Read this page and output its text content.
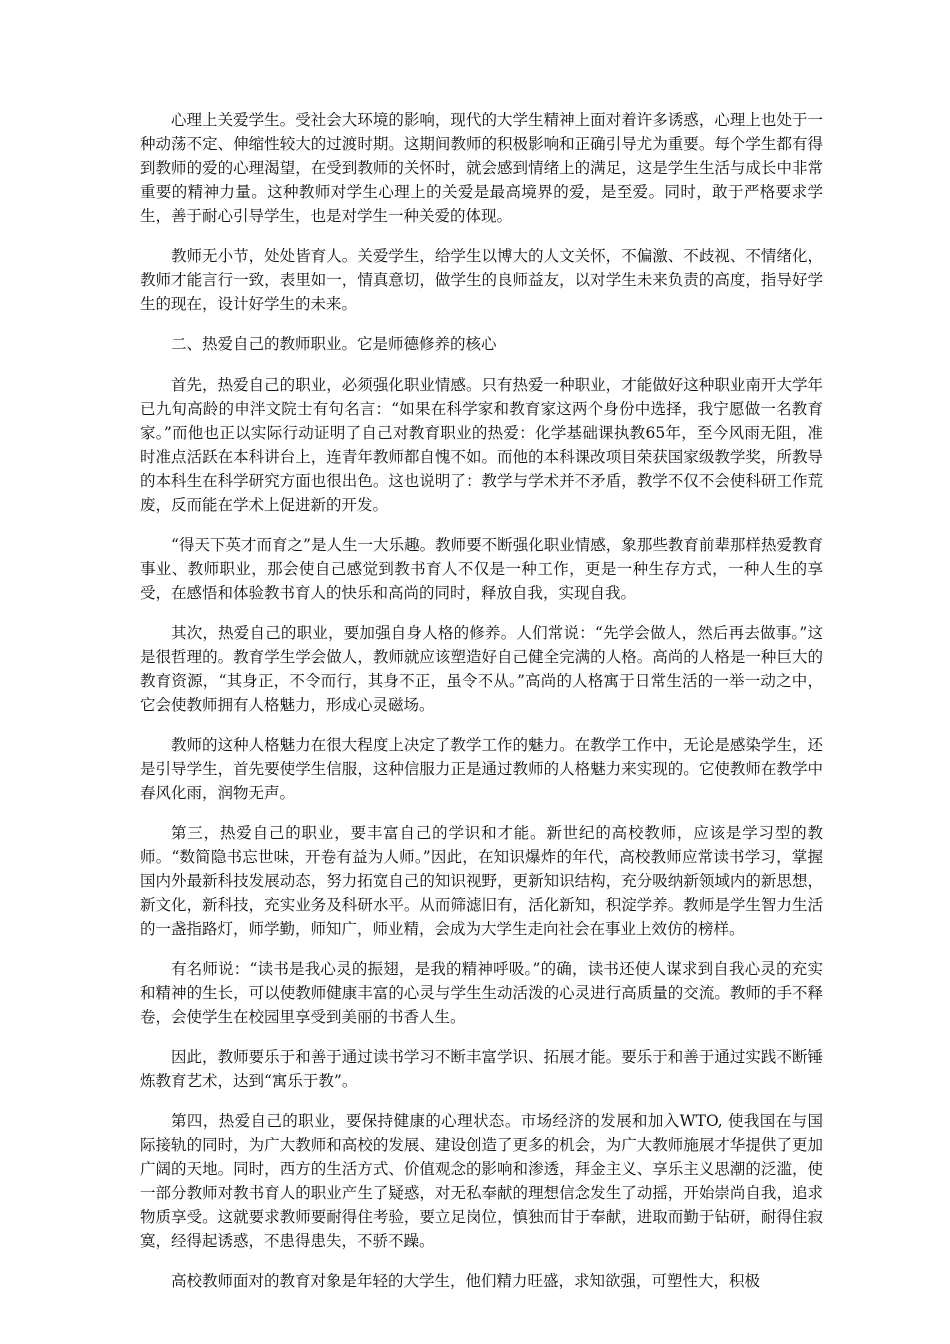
心理上关爱学生。受社会大环境的影响，现代的大学生精神上面对着许多诱惑，心理上也处于一种动荡不定、伸缩性较大的过渡时期。这期间教师的积极影响和正确引导尤为重要。每个学生都有得到教师的爱的心理渴望，在受到教师的关怀时，就会感到情绪上的满足，这是学生生活与成长中非常重要的精神力量。这种教师对学生心理上的关爱是最高境界的爱，是至爱。同时，敢于严格要求学生，善于耐心引导学生，也是对学生一种关爱的体现。

教师无小节，处处皆育人。关爱学生，给学生以博大的人文关怀，不偏激、不歧视、不情绪化，教师才能言行一致，表里如一，情真意切，做学生的良师益友，以对学生未来负责的高度，指导好学生的现在，设计好学生的未来。

二、热爱自己的教师职业。它是师德修养的核心

首先，热爱自己的职业，必须强化职业情感。只有热爱一种职业，才能做好这种职业南开大学年已九旬高龄的申泮文院士有句名言：“如果在科学家和教育家这两个身份中选择，我宁愿做一名教育家。”而他也正以实际行动证明了自己对教育职业的热爱：化学基础课执教65年，至今风雨无阻，准时准点活跃在本科讲台上，连青年教师都自愧不如。而他的本科课改项目荣获国家级教学奖，所教导的本科生在科学研究方面也很出色。这也说明了：教学与学术并不矛盾，教学不仅不会使科研工作荒废，反而能在学术上促进新的开发。

“得天下英才而育之”是人生一大乐趣。教师要不断强化职业情感，象那些教育前辈那样热爱教育事业、教师职业，那会使自己感觉到教书育人不仅是一种工作，更是一种生存方式，一种人生的享受，在感悟和体验教书育人的快乐和高尚的同时，释放自我，实现自我。

其次，热爱自己的职业，要加强自身人格的修养。人们常说：“先学会做人，然后再去做事。”这是很哲理的。教育学生学会做人，教师就应该塑造好自己健全完满的人格。高尚的人格是一种巨大的教育资源，“其身正，不令而行，其身不正，虽令不从。”高尚的人格寓于日常生活的一举一动之中，它会使教师拥有人格魅力，形成心灵磁场。

教师的这种人格魅力在很大程度上决定了教学工作的魅力。在教学工作中，无论是感染学生，还是引导学生，首先要使学生信服，这种信服力正是通过教师的人格魅力来实现的。它使教师在教学中春风化雨，润物无声。

第三，热爱自己的职业，要丰富自己的学识和才能。新世纪的高校教师，应该是学习型的教师。“数简隐书忘世味，开卷有益为人师。”因此，在知识爆炸的年代，高校教师应常读书学习，掌握国内外最新科技发展动态，努力拓宽自己的知识视野，更新知识结构，充分吸纳新领域内的新思想，新文化，新科技，充实业务及科研水平。从而筛滤旧有，活化新知，积淀学养。教师是学生智力生活的一盏指路灯，师学勤，师知广，师业精，会成为大学生走向社会在事业上效仿的榜样。

有名师说：“读书是我心灵的振翅，是我的精神呼吸。”的确，读书还使人谋求到自我心灵的充实和精神的生长，可以使教师健康丰富的心灵与学生生动活泼的心灵进行高质量的交流。教师的手不释卷，会使学生在校园里享受到美丽的书香人生。

因此，教师要乐于和善于通过读书学习不断丰富学识、拓展才能。要乐于和善于通过实践不断锤炼教育艺术，达到“寓乐于教”。

第四，热爱自己的职业，要保持健康的心理状态。市场经济的发展和加入WTO, 使我国在与国际接轨的同时，为广大教师和高校的发展、建设创造了更多的机会，为广大教师施展才华提供了更加广阔的天地。同时，西方的生活方式、价值观念的影响和渗透，拜金主义、享乐主义思潮的泛滥，使一部分教师对教书育人的职业产生了疑惑，对无私奉献的理想信念发生了动摇，开始崇尚自我，追求物质享受。这就要求教师要耐得住考验，要立足岗位，慎独而甘于奉献，进取而勤于钻研，耐得住寂寞，经得起诱惑，不患得患失，不骄不躁。

高校教师面对的教育对象是年轻的大学生，他们精力旺盛，求知欲强，可塑性大，积极
